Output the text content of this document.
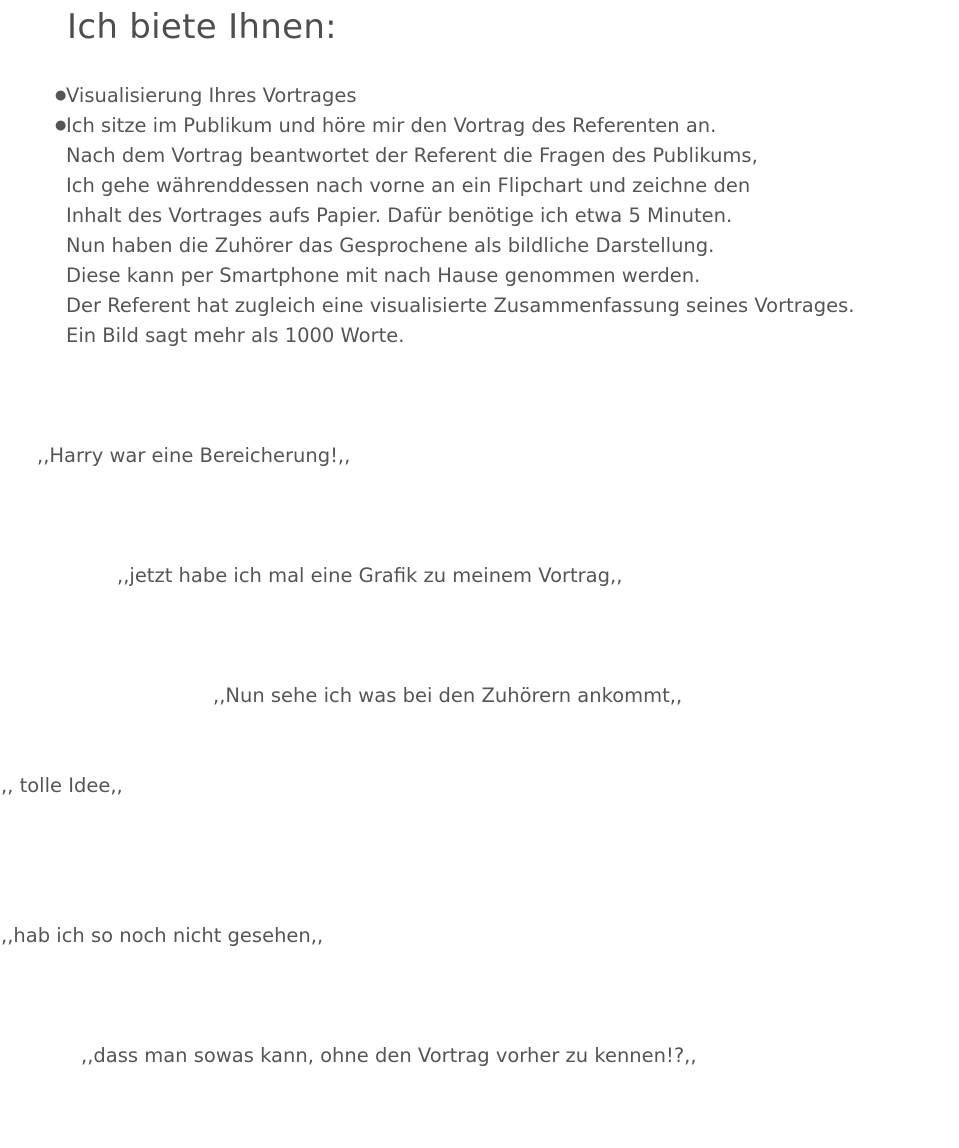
Ich biete Ihnen:
● Visualisierung Ihres Vortrages
● Ich sitze im Publikum und höre mir den Vortrag des Referenten an.
Nach dem Vortrag beantwortet der Referent die Fragen des Publikums,
Ich gehe währenddessen nach vorne an ein Flipchart und zeichne den
Inhalt des Vortrages aufs Papier. Dafür benötige ich etwa 5 Minuten.
Nun haben die Zuhörer das Gesprochene als bildliche Darstellung.
Diese kann per Smartphone mit nach Hause genommen werden.
Der Referent hat zugleich eine visualisierte Zusammenfassung seines Vortrages.
Ein Bild sagt mehr als 1000 Worte.
,,Harry war eine Bereicherung!,,
,,jetzt habe ich mal eine Grafik zu meinem Vortrag,,
,,Nun sehe ich was bei den Zuhörern ankommt,,
,, tolle Idee,,
,,hab ich so noch nicht gesehen,,
,,dass man sowas kann, ohne den Vortrag vorher zu kennen!?,,
